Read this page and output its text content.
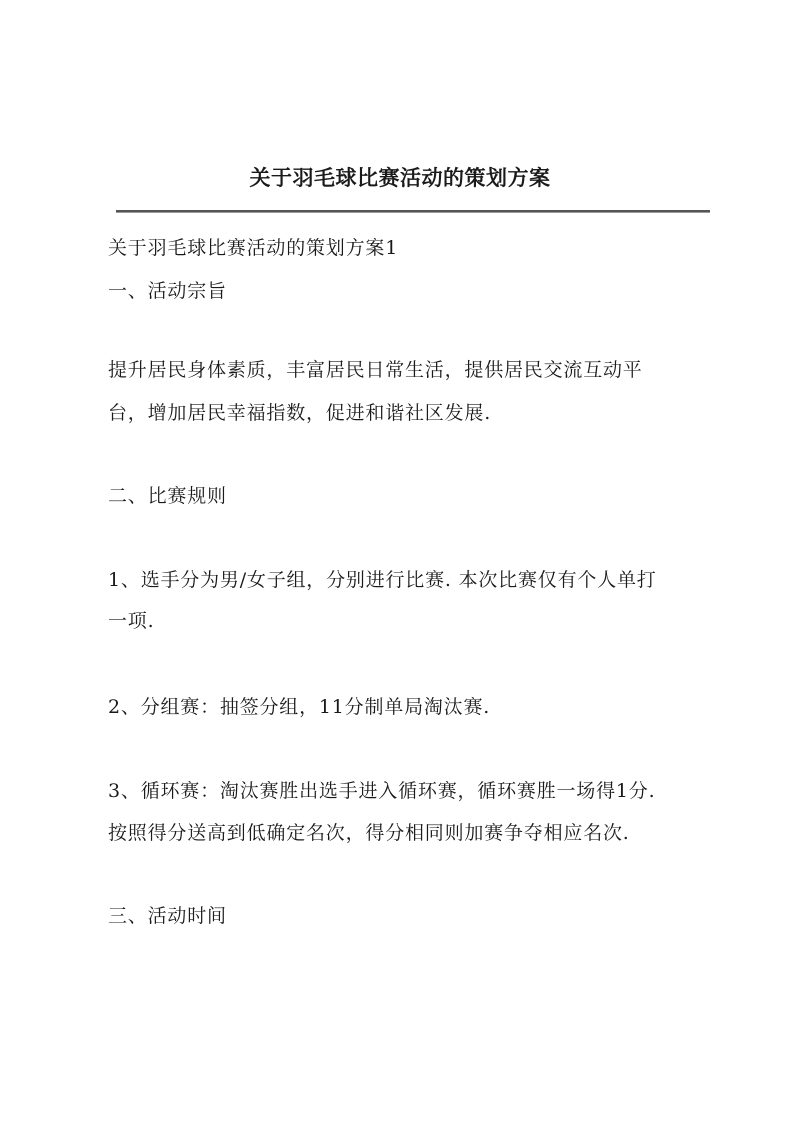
关于羽毛球比赛活动的策划方案
关于羽毛球比赛活动的策划方案1
一、活动宗旨
提升居民身体素质，丰富居民日常生活，提供居民交流互动平
台，增加居民幸福指数，促进和谐社区发展.
二、比赛规则
1、选手分为男/女子组，分别进行比赛. 本次比赛仅有个人单打
一项.
2、分组赛：抽签分组，11分制单局淘汰赛.
3、循环赛：淘汰赛胜出选手进入循环赛，循环赛胜一场得1分.
按照得分送高到低确定名次，得分相同则加赛争夺相应名次.
三、活动时间
